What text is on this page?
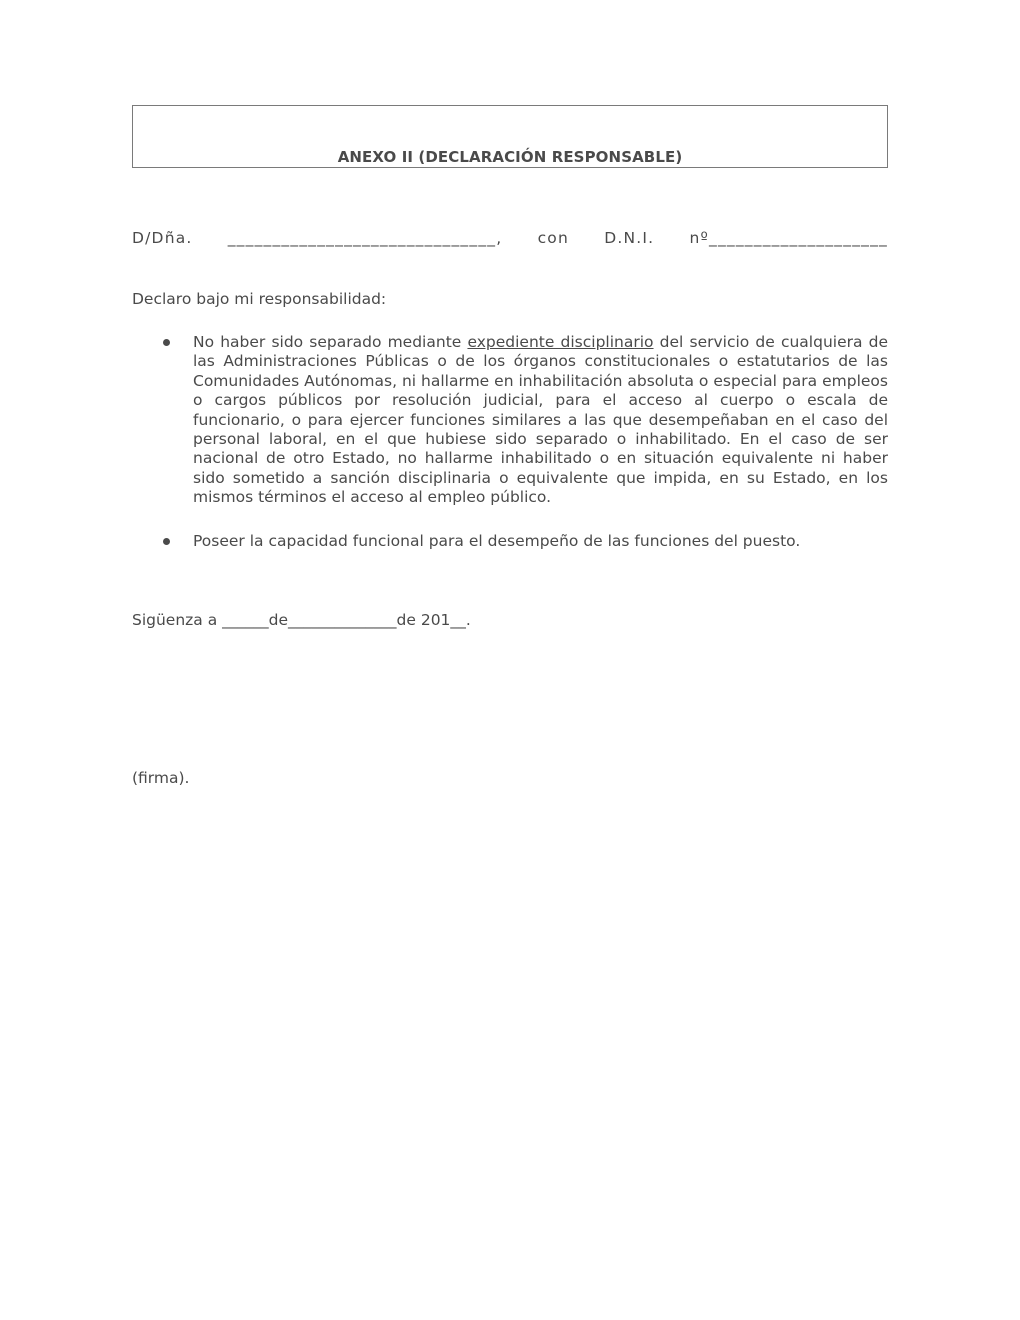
ANEXO II (DECLARACIÓN RESPONSABLE)
D/Dña. ______________________________, con D.N.I. nº____________________
Declaro bajo mi responsabilidad:
No haber sido separado mediante expediente disciplinario del servicio de cualquiera de las Administraciones Públicas o de los órganos constitucionales o estatutarios de las Comunidades Autónomas, ni hallarme en inhabilitación absoluta o especial para empleos o cargos públicos por resolución judicial, para el acceso al cuerpo o escala de funcionario, o para ejercer funciones similares a las que desempeñaban en el caso del personal laboral, en el que hubiese sido separado o inhabilitado. En el caso de ser nacional de otro Estado, no hallarme inhabilitado o en situación equivalente ni haber sido sometido a sanción disciplinaria o equivalente que impida, en su Estado, en los mismos términos el acceso al empleo público.
Poseer la capacidad funcional para el desempeño de las funciones del puesto.
Sigüenza a ______de______________de 201__.
(firma).
